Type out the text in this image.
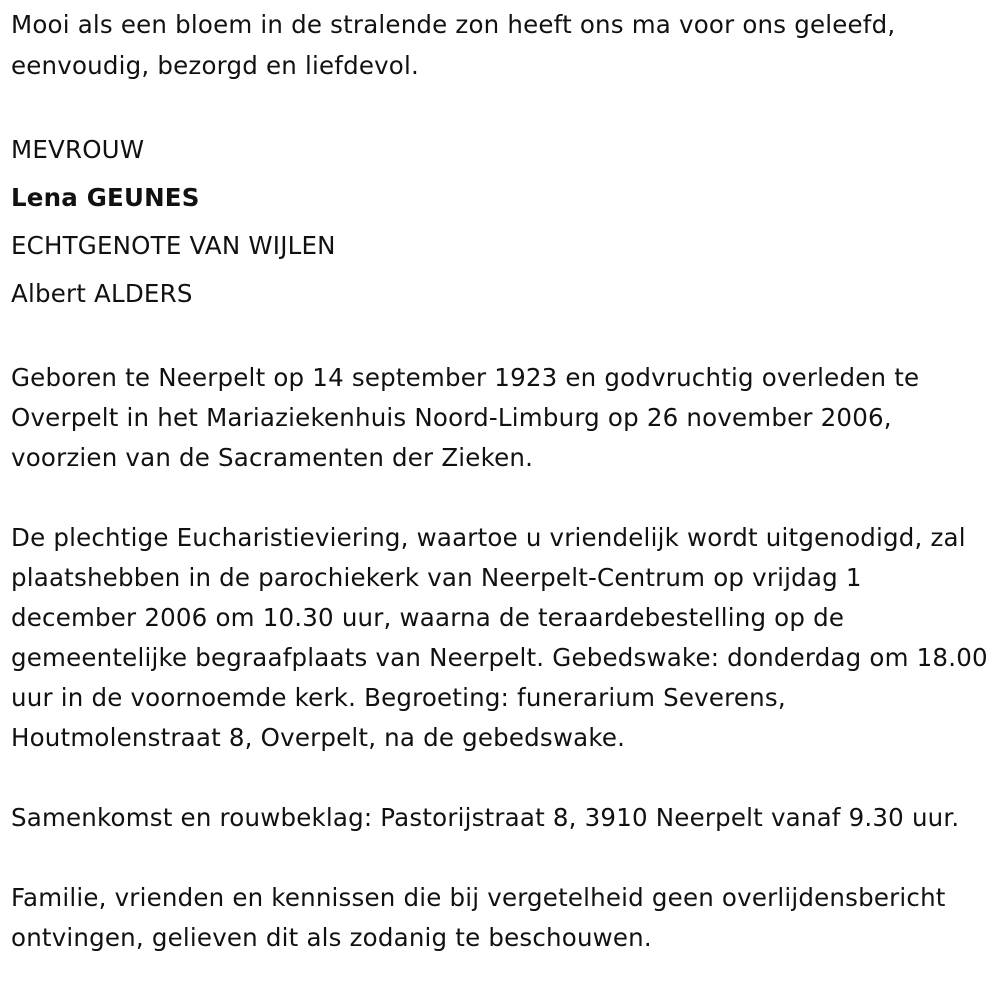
Mooi als een bloem in de stralende zon heeft ons ma voor ons geleefd, eenvoudig, bezorgd en liefdevol.

MEVROUW

Lena GEUNES

ECHTGENOTE VAN WIJLEN

Albert ALDERS

Geboren te Neerpelt op 14 september 1923 en godvruchtig overleden te Overpelt in het Mariaziekenhuis Noord-Limburg op 26 november 2006, voorzien van de Sacramenten der Zieken.

De plechtige Eucharistieviering, waartoe u vriendelijk wordt uitgenodigd, zal plaatshebben in de parochiekerk van Neerpelt-Centrum op vrijdag 1 december 2006 om 10.30 uur, waarna de teraardebestelling op de gemeentelijke begraafplaats van Neerpelt. Gebedswake: donderdag om 18.00 uur in de voornoemde kerk. Begroeting: funerarium Severens, Houtmolenstraat 8, Overpelt, na de gebedswake.

Samenkomst en rouwbeklag: Pastorijstraat 8, 3910 Neerpelt vanaf 9.30 uur.

Familie, vrienden en kennissen die bij vergetelheid geen overlijdensbericht ontvingen, gelieven dit als zodanig te beschouwen.
